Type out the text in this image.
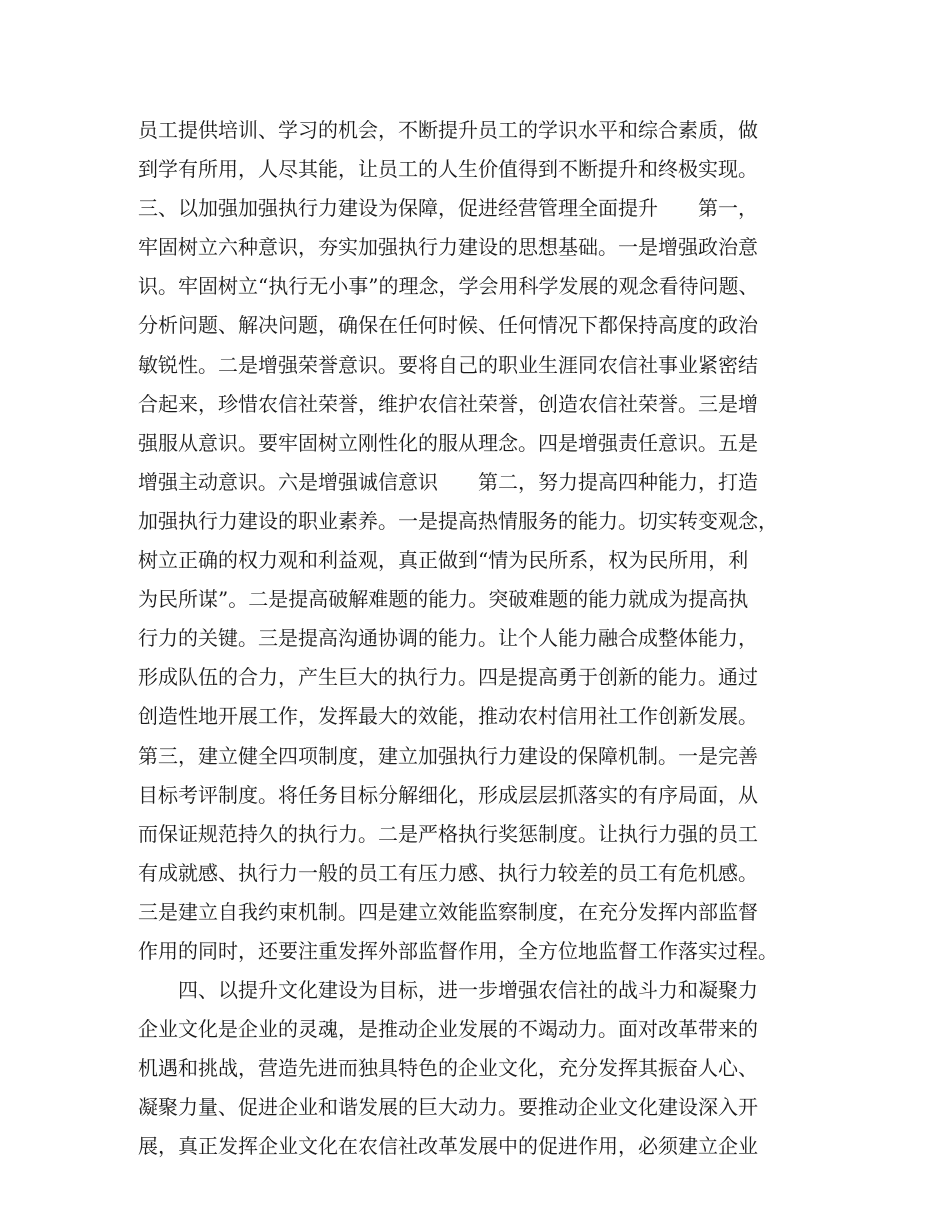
员工提供培训、学习的机会，不断提升员工的学识水平和综合素质，做
到学有所用，人尽其能，让员工的人生价值得到不断提升和终极实现。
三、以加强加强执行力建设为保障，促进经营管理全面提升　　第一，
牢固树立六种意识，夯实加强执行力建设的思想基础。一是增强政治意
识。牢固树立“执行无小事”的理念，学会用科学发展的观念看待问题、
分析问题、解决问题，确保在任何时候、任何情况下都保持高度的政治
敏锐性。二是增强荣誉意识。要将自己的职业生涯同农信社事业紧密结
合起来，珍惜农信社荣誉，维护农信社荣誉，创造农信社荣誉。三是增
强服从意识。要牢固树立刚性化的服从理念。四是增强责任意识。五是
增强主动意识。六是增强诚信意识　　第二，努力提高四种能力，打造
加强执行力建设的职业素养。一是提高热情服务的能力。切实转变观念，
树立正确的权力观和利益观，真正做到“情为民所系，权为民所用，利
为民所谋”。二是提高破解难题的能力。突破难题的能力就成为提高执
行力的关键。三是提高沟通协调的能力。让个人能力融合成整体能力，
形成队伍的合力，产生巨大的执行力。四是提高勇于创新的能力。通过
创造性地开展工作，发挥最大的效能，推动农村信用社工作创新发展。
第三，建立健全四项制度，建立加强执行力建设的保障机制。一是完善
目标考评制度。将任务目标分解细化，形成层层抓落实的有序局面，从
而保证规范持久的执行力。二是严格执行奖惩制度。让执行力强的员工
有成就感、执行力一般的员工有压力感、执行力较差的员工有危机感。
三是建立自我约束机制。四是建立效能监察制度，在充分发挥内部监督
作用的同时，还要注重发挥外部监督作用，全方位地监督工作落实过程。
　　四、以提升文化建设为目标，进一步增强农信社的战斗力和凝聚力
企业文化是企业的灵魂，是推动企业发展的不竭动力。面对改革带来的
机遇和挑战，营造先进而独具特色的企业文化，充分发挥其振奋人心、
凝聚力量、促进企业和谐发展的巨大动力。要推动企业文化建设深入开
展，真正发挥企业文化在农信社改革发展中的促进作用，必须建立企业
